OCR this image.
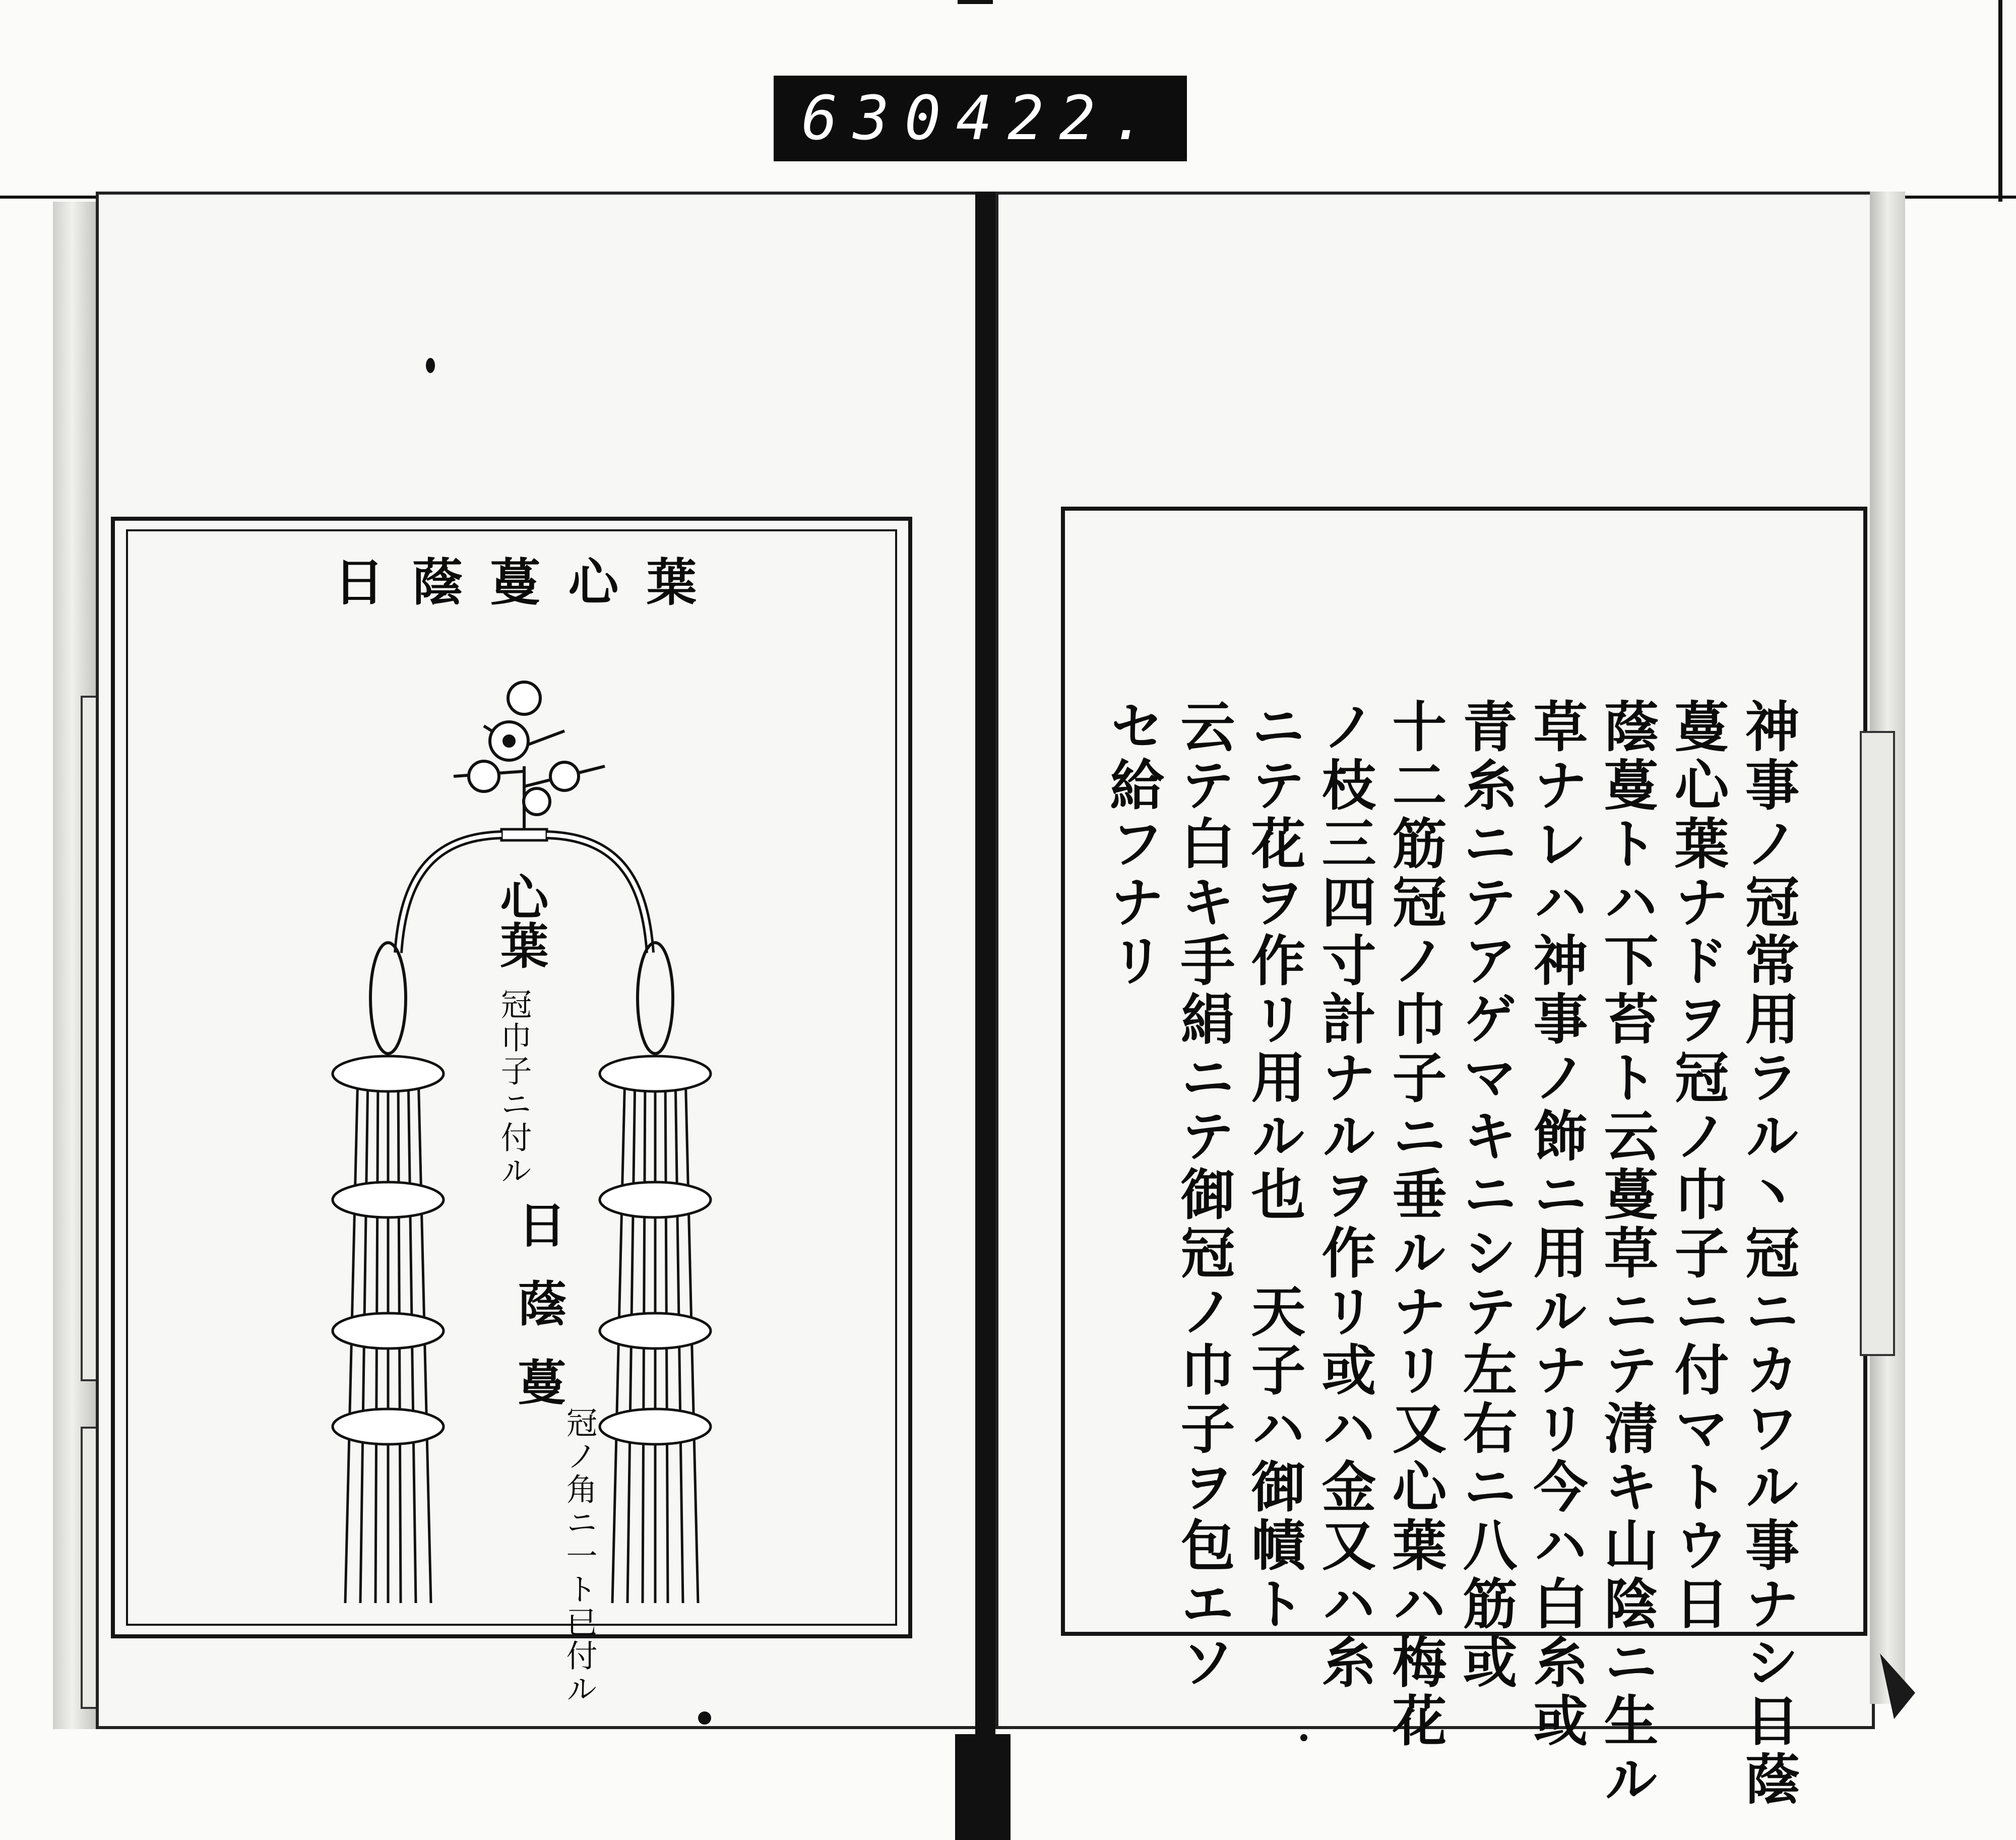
630 422.
日蔭蔓心葉
心葉
冠巾子ニ付ル
日蔭蔓
冠ノ角ニ一ト已付ル	神事ノ冠常用ラル丶冠ニカワル事ナシ日蔭
蔓心葉ナドヲ冠ノ巾子ニ付マトウ日
蔭蔓トハ下苔ト云蔓草ニテ清キ山陰ニ生ル
草ナレハ神事ノ飾ニ用ルナリ今ハ白糸或
青糸ニテアゲマキニシテ左右ニ八筋或
十二筋冠ノ巾子ニ垂ルナリ又心葉ハ梅花
ノ枝三四寸計ナルヲ作リ或ハ金又ハ糸
ニテ花ヲ作リ用ル也　天子ハ御幘ト
云テ白キ手絹ニテ御冠ノ巾子ヲ包エソ
セ給フナリ
